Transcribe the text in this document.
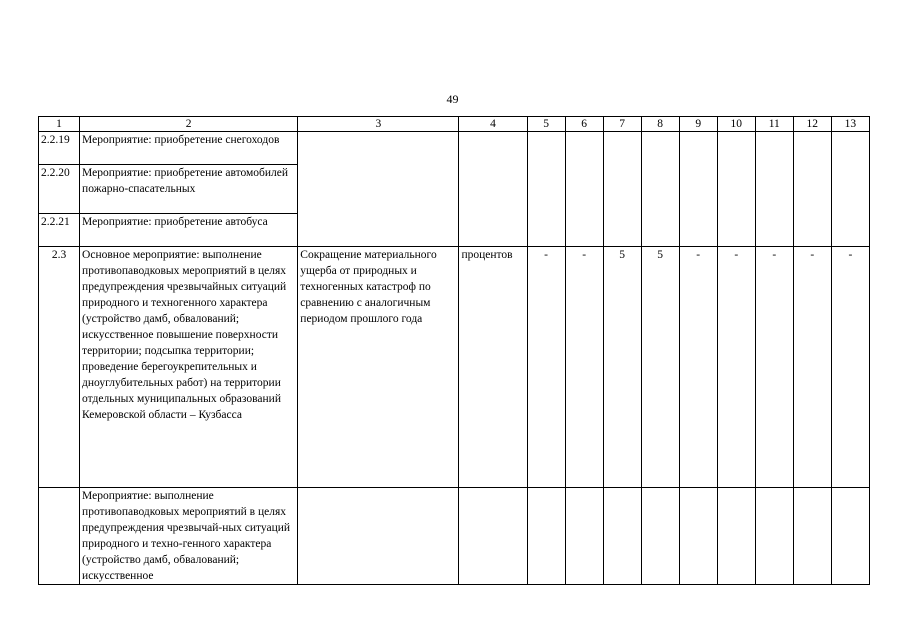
49
1	2	3	4	5	6	7	8	9	10	11	12	13
2.2.19	Мероприятие: приобретение снегоходов											
2.2.20	Мероприятие: приобретение автомобилей пожарно-спасательных											
2.2.21	Мероприятие: приобретение автобуса											
2.3	Основное мероприятие: выполнение противопаводковых мероприятий в целях предупреждения чрезвычайных ситуаций природного и техногенного характера (устройство дамб, обвалований; искусственное повышение поверхности территории; подсыпка территории; проведение берегоукрепительных и дноуглубительных работ) на территории отдельных муниципальных образований Кемеровской области – Кузбасса	Сокращение материального ущерба от природных и техногенных катастроф по сравнению с аналогичным периодом прошлого года	процентов	-	-	5	5	-	-	-	-	-
	Мероприятие: выполнение противопаводковых мероприятий в целях предупреждения чрезвычай-ных ситуаций природного и техно-генного характера (устройство дамб, обвалований; искусственное											
